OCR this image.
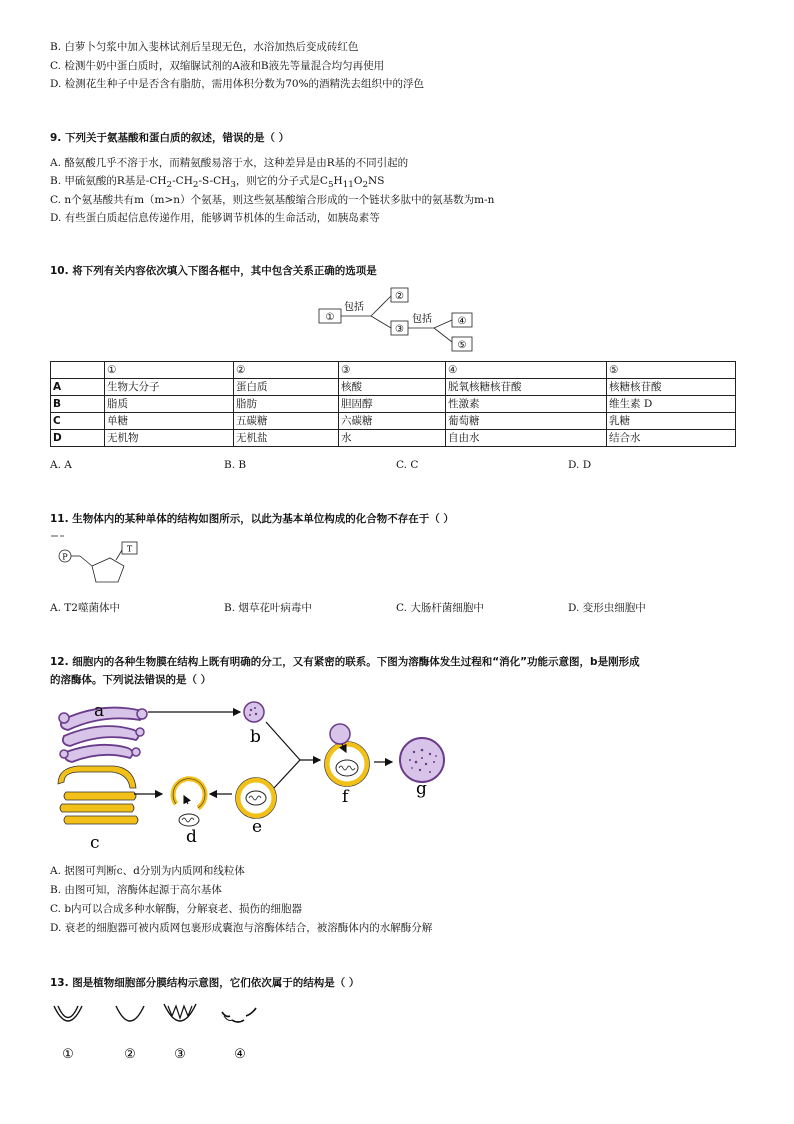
B. 白萝卜匀浆中加入斐林试剂后呈现无色，水浴加热后变成砖红色
C. 检测牛奶中蛋白质时，双缩脲试剂的A液和B液先等量混合均匀再使用
D. 检测花生种子中是否含有脂肪，需用体积分数为70%的酒精洗去组织中的浮色
9. 下列关于氨基酸和蛋白质的叙述，错误的是（ ）
A. 酪氨酸几乎不溶于水，而精氨酸易溶于水，这种差异是由R基的不同引起的
B. 甲硫氨酸的R基是$-CH_2-CH_2-S-CH_3$，则它的分子式是$C_5H_{11}O_2NS$
C. n个氨基酸共有m（m>n）个氨基，则这些氨基酸缩合形成的一个链状多肽中的氨基数为m-n
D. 有些蛋白质起信息传递作用，能够调节机体的生命活动，如胰岛素等
10. 将下列有关内容依次填入下图各框中，其中包含关系正确的选项是
①
包括
②
③
包括	④
⑤
	①	②	③	④	⑤
A	生物大分子	蛋白质	核酸	脱氧核糖核苷酸	核糖核苷酸
B	脂质	脂肪	胆固醇	性激素	维生素 D
C	单糖	五碳糖	六碳糖	葡萄糖	乳糖
D	无机物	无机盐	水	自由水	结合水
A. A	B. B	C. C	D. D
11. 生物体内的某种单体的结构如图所示，以此为基本单位构成的化合物不存在于（ ）
P
T
A. T2噬菌体中	B. 烟草花叶病毒中	C. 大肠杆菌细胞中	D. 变形虫细胞中
12. 细胞内的各种生物膜在结构上既有明确的分工，又有紧密的联系。下图为溶酶体发生过程和“消化”功能示意图，b是刚形成
的溶酶体。下列说法错误的是（ ）
a
b
c	d	e
f	g
A. 据图可判断c、d分别为内质网和线粒体
B. 由图可知，溶酶体起源于高尔基体
C. b内可以合成多种水解酶，分解衰老、损伤的细胞器
D. 衰老的细胞器可被内质网包裹形成囊泡与溶酶体结合，被溶酶体内的水解酶分解
13. 图是植物细胞部分膜结构示意图，它们依次属于的结构是（ ）
①	②	③	④
